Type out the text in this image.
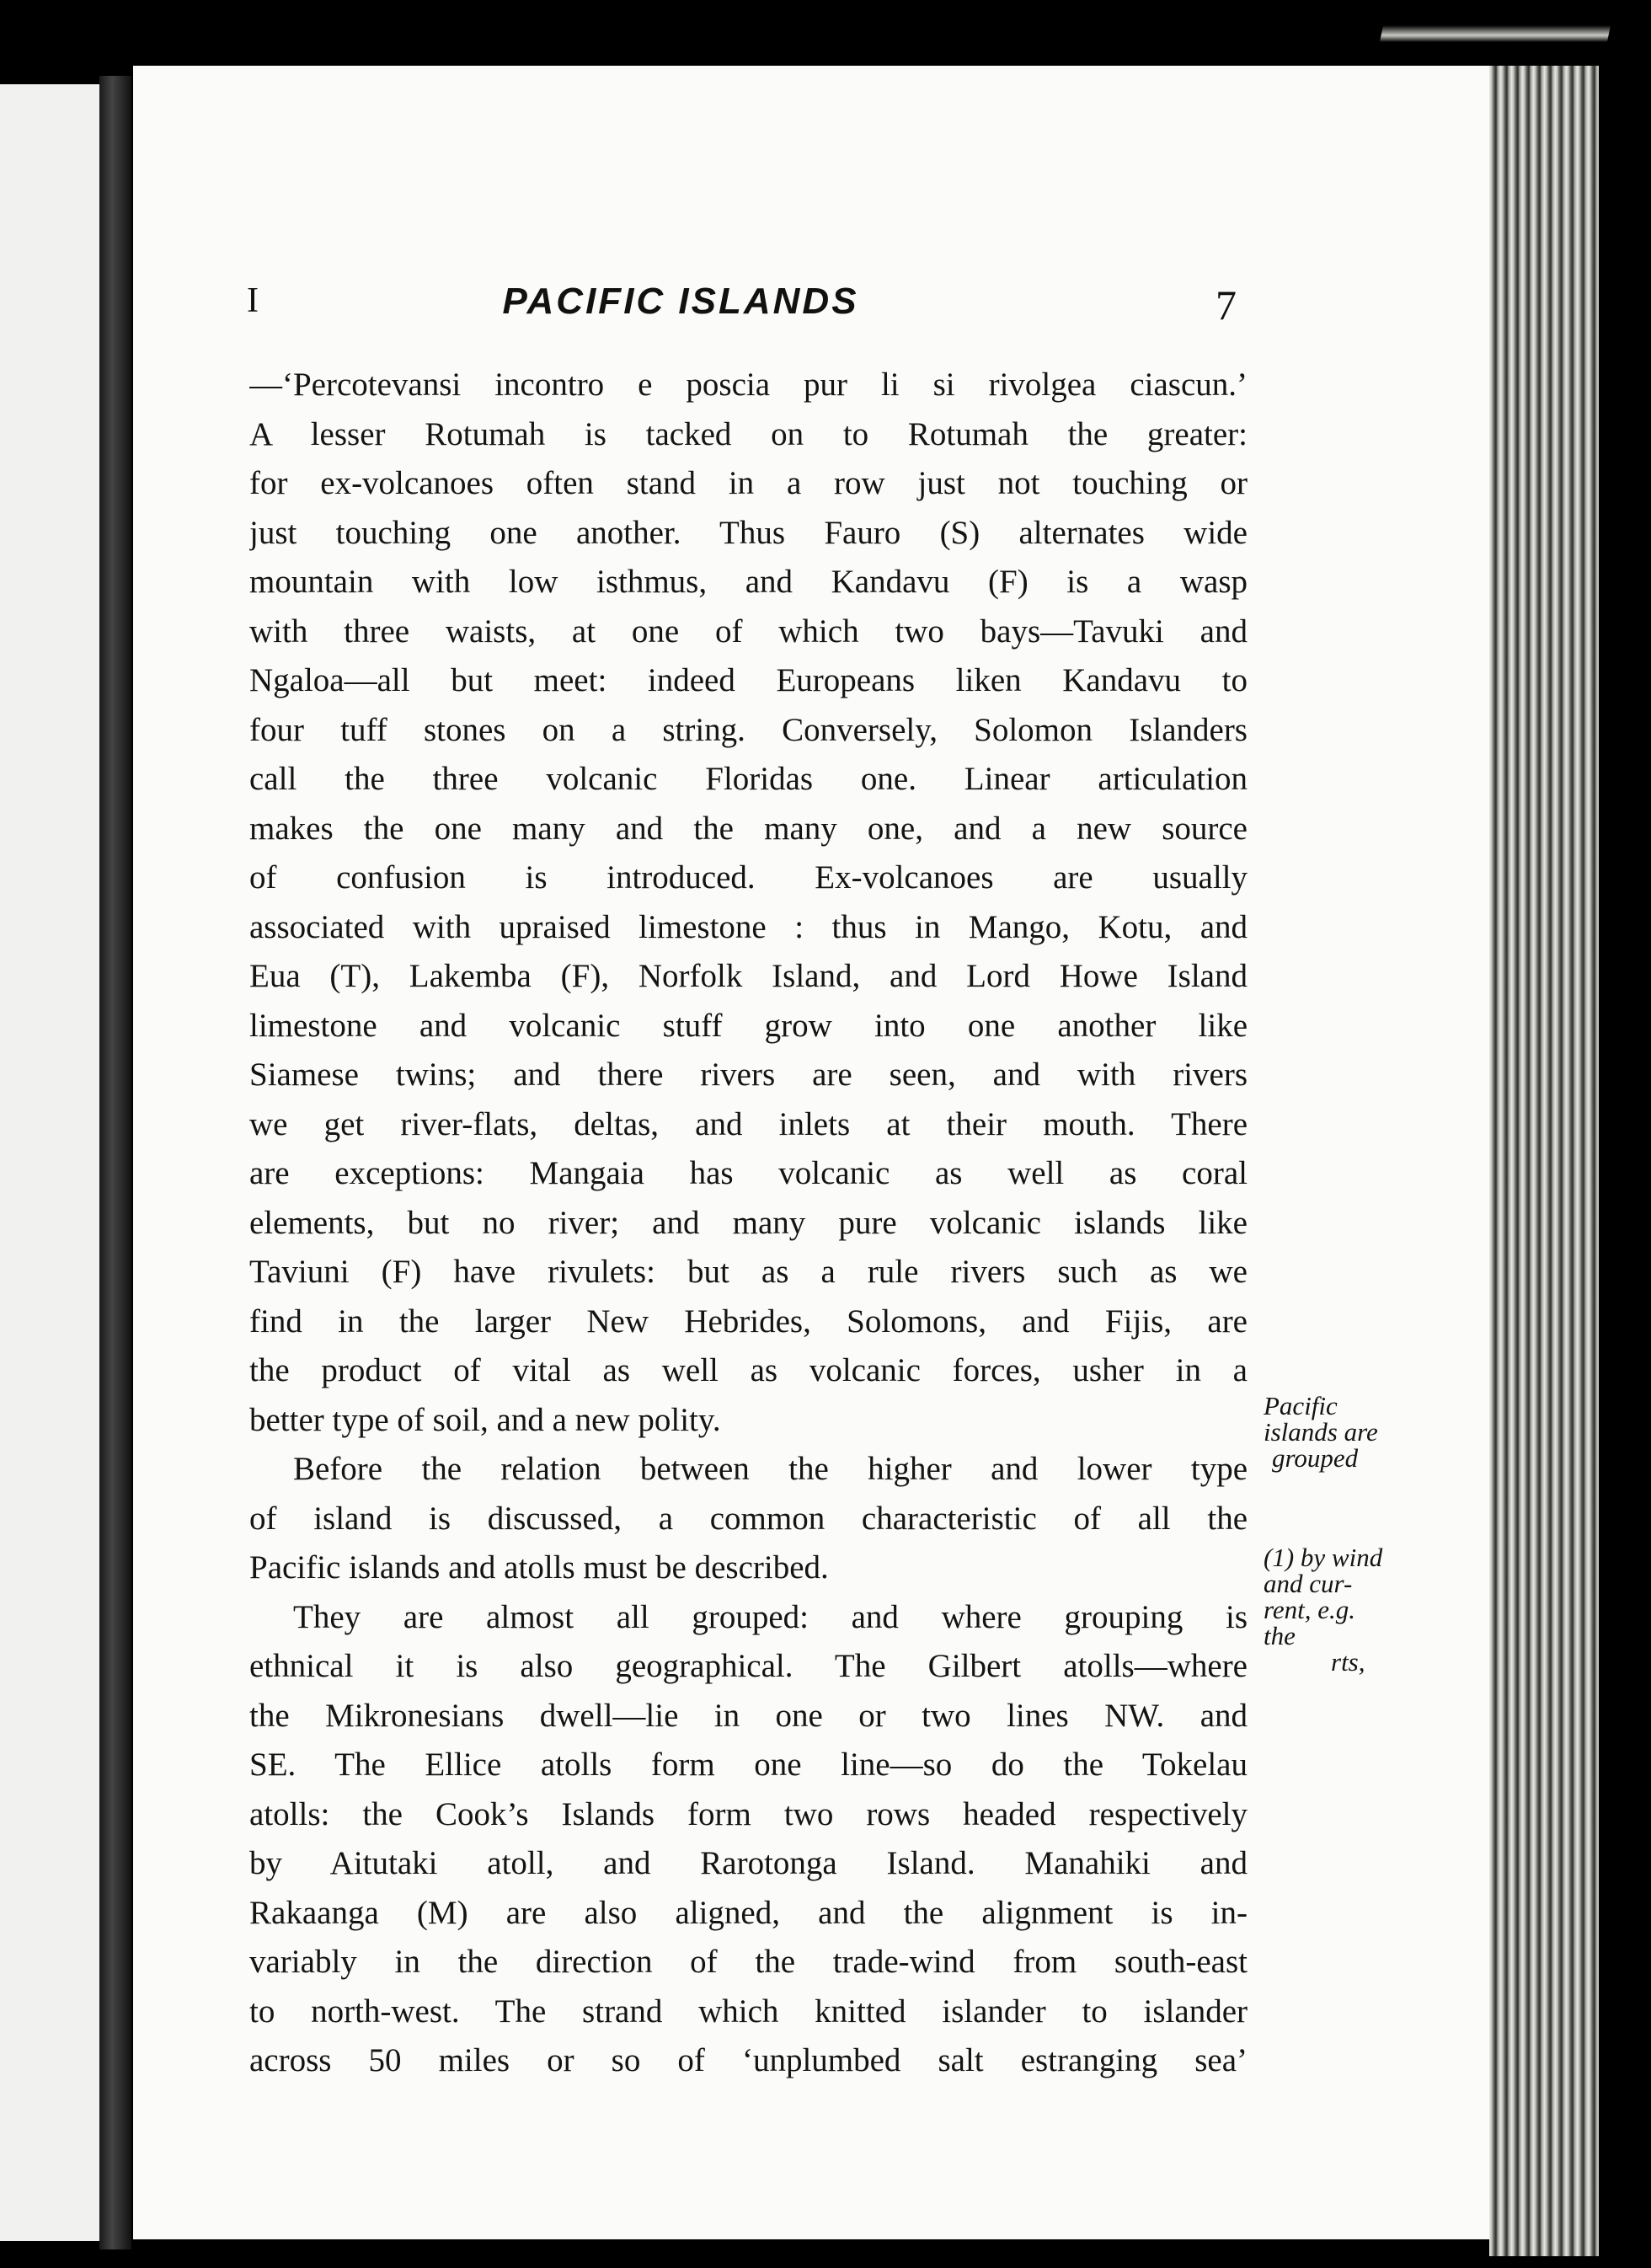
I	PACIFIC ISLANDS	7
—‘Percotevansi incontro e poscia pur li si rivolgea ciascun.’
A lesser Rotumah is tacked on to Rotumah the greater:
for ex-volcanoes often stand in a row just not touching or
just touching one another. Thus Fauro (S) alternates wide
mountain with low isthmus, and Kandavu (F) is a wasp
with three waists, at one of which two bays—Tavuki and
Ngaloa—all but meet: indeed Europeans liken Kandavu to
four tuff stones on a string. Conversely, Solomon Islanders
call the three volcanic Floridas one. Linear articulation
makes the one many and the many one, and a new source
of confusion is introduced. Ex-volcanoes are usually
associated with upraised limestone : thus in Mango, Kotu, and
Eua (T), Lakemba (F), Norfolk Island, and Lord Howe Island
limestone and volcanic stuff grow into one another like
Siamese twins; and there rivers are seen, and with rivers
we get river-flats, deltas, and inlets at their mouth. There
are exceptions: Mangaia has volcanic as well as coral
elements, but no river; and many pure volcanic islands like
Taviuni (F) have rivulets: but as a rule rivers such as we
find in the larger New Hebrides, Solomons, and Fijis, are
the product of vital as well as volcanic forces, usher in a
better type of soil, and a new polity.
Before the relation between the higher and lower type
of island is discussed, a common characteristic of all the
Pacific islands and atolls must be described.
They are almost all grouped: and where grouping is
ethnical it is also geographical. The Gilbert atolls—where
the Mikronesians dwell—lie in one or two lines NW. and
SE. The Ellice atolls form one line—so do the Tokelau
atolls: the Cook’s Islands form two rows headed respectively
by Aitutaki atoll, and Rarotonga Island. Manahiki and
Rakaanga (M) are also aligned, and the alignment is in-
variably in the direction of the trade-wind from south-east
to north-west. The strand which knitted islander to islander
across 50 miles or so of ‘unplumbed salt estranging sea’
Pacific
islands are
grouped
(1) by wind
and cur-
rent, e.g.
the
rts,
